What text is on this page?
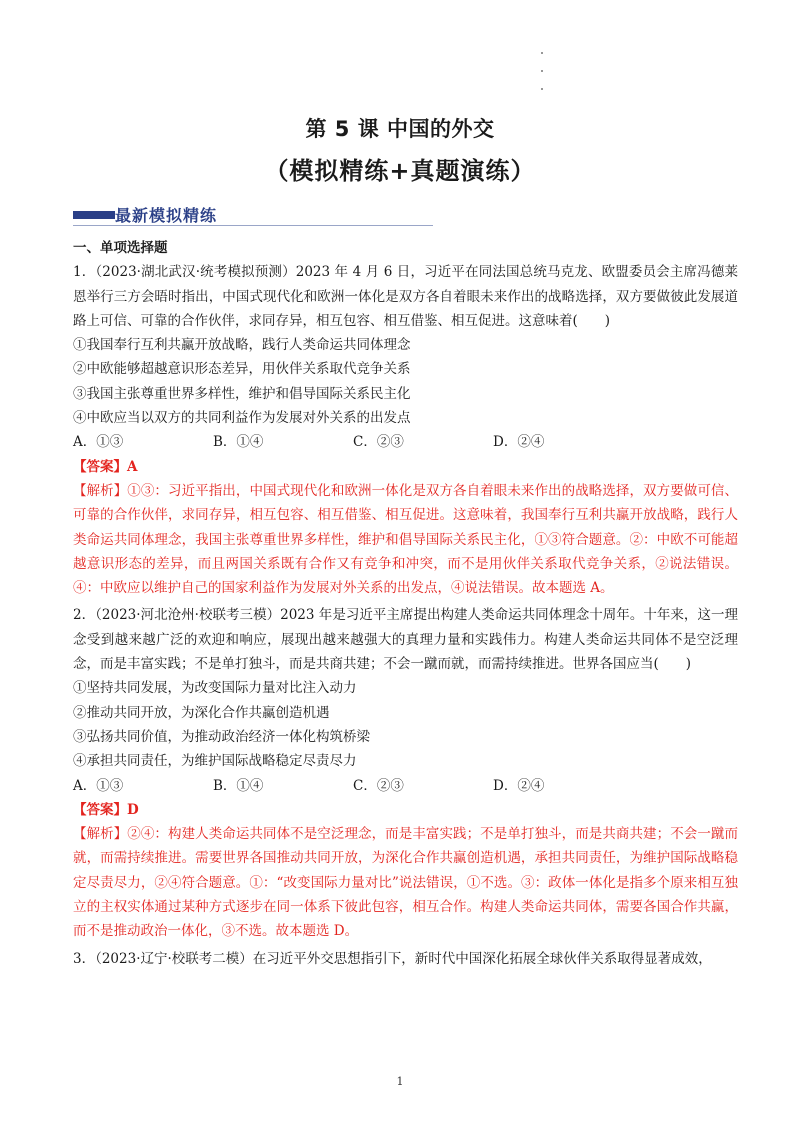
第 5 课 中国的外交
（模拟精练+真题演练）
最新模拟精练

一、单项选择题

1．（2023·湖北武汉·统考模拟预测）2023 年 4 月 6 日，习近平在同法国总统马克龙、欧盟委员会主席冯德莱恩举行三方会晤时指出，中国式现代化和欧洲一体化是双方各自着眼未来作出的战略选择，双方要做彼此发展道路上可信、可靠的合作伙伴，求同存异，相互包容、相互借鉴、相互促进。这意味着(　　)

①我国奉行互利共赢开放战略，践行人类命运共同体理念

②中欧能够超越意识形态差异，用伙伴关系取代竞争关系

③我国主张尊重世界多样性，维护和倡导国际关系民主化

④中欧应当以双方的共同利益作为发展对外关系的出发点

A．①③	B．①④	C．②③	D．②④

【答案】A

【解析】①③：习近平指出，中国式现代化和欧洲一体化是双方各自着眼未来作出的战略选择，双方要做可信、可靠的合作伙伴，求同存异，相互包容、相互借鉴、相互促进。这意味着，我国奉行互利共赢开放战略，践行人类命运共同体理念，我国主张尊重世界多样性，维护和倡导国际关系民主化，①③符合题意。②：中欧不可能超越意识形态的差异，而且两国关系既有合作又有竞争和冲突，而不是用伙伴关系取代竞争关系，②说法错误。④：中欧应以维护自己的国家利益作为发展对外关系的出发点，④说法错误。故本题选 A。

2．（2023·河北沧州·校联考三模）2023 年是习近平主席提出构建人类命运共同体理念十周年。十年来，这一理念受到越来越广泛的欢迎和响应，展现出越来越强大的真理力量和实践伟力。构建人类命运共同体不是空泛理念，而是丰富实践；不是单打独斗，而是共商共建；不会一蹴而就，而需持续推进。世界各国应当(　　)

①坚持共同发展，为改变国际力量对比注入动力

②推动共同开放，为深化合作共赢创造机遇

③弘扬共同价值，为推动政治经济一体化构筑桥梁

④承担共同责任，为维护国际战略稳定尽责尽力

A．①③	B．①④	C．②③	D．②④

【答案】D

【解析】②④：构建人类命运共同体不是空泛理念，而是丰富实践；不是单打独斗，而是共商共建；不会一蹴而就，而需持续推进。需要世界各国推动共同开放，为深化合作共赢创造机遇，承担共同责任，为维护国际战略稳定尽责尽力，②④符合题意。①：“改变国际力量对比”说法错误，①不选。③：政体一体化是指多个原来相互独立的主权实体通过某种方式逐步在同一体系下彼此包容，相互合作。构建人类命运共同体，需要各国合作共赢，而不是推动政治一体化，③不选。故本题选 D。

3．（2023·辽宁·校联考二模）在习近平外交思想指引下，新时代中国深化拓展全球伙伴关系取得显著成效，

1
